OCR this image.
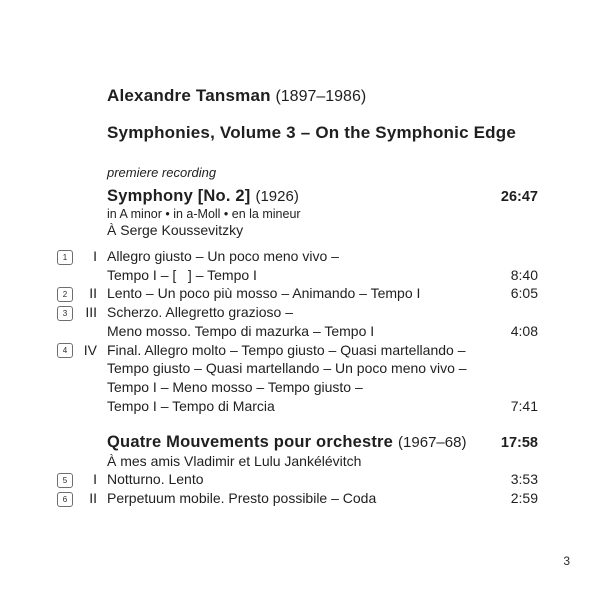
Alexandre Tansman (1897–1986)
Symphonies, Volume 3 – On the Symphonic Edge
premiere recording
Symphony [No. 2] (1926)	26:47
in A minor • in a-Moll • en la mineur
À Serge Koussevitzky
1	I Allegro giusto – Un poco meno vivo –
Tempo I – [   ] – Tempo I	8:40
2	II Lento – Un poco più mosso – Animando – Tempo I	6:05
3	III Scherzo. Allegretto grazioso –
Meno mosso. Tempo di mazurka – Tempo I	4:08
4	IV Final. Allegro molto – Tempo giusto – Quasi martellando –
Tempo giusto – Quasi martellando – Un poco meno vivo –
Tempo I – Meno mosso – Tempo giusto –
Tempo I – Tempo di Marcia	7:41
Quatre Mouvements pour orchestre (1967–68) 17:58
À mes amis Vladimir et Lulu Jankélévitch
5	I Notturno. Lento	3:53
6	II Perpetuum mobile. Presto possibile – Coda	2:59
3
